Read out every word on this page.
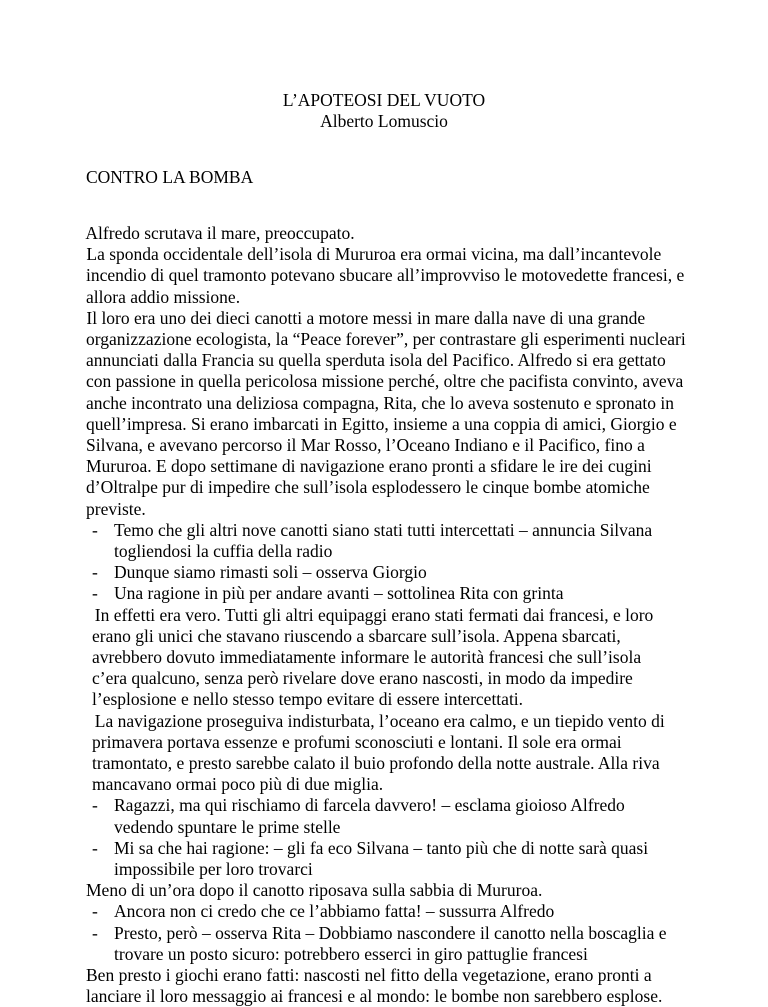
L’APOTEOSI DEL VUOTO
Alberto Lomuscio
CONTRO LA BOMBA
Alfredo scrutava il mare, preoccupato.
La sponda occidentale dell’isola di Mururoa era ormai vicina, ma dall’incantevole
incendio di quel tramonto potevano sbucare all’improvviso le motovedette francesi, e
allora addio missione.
Il loro era uno dei dieci canotti a motore messi in mare dalla nave di una grande
organizzazione ecologista, la “Peace forever”, per contrastare gli esperimenti nucleari
annunciati dalla Francia su quella sperduta isola del Pacifico. Alfredo si era gettato
con passione in quella pericolosa missione perché, oltre che pacifista convinto, aveva
anche incontrato una deliziosa compagna, Rita, che lo aveva sostenuto e spronato in
quell’impresa. Si erano imbarcati in Egitto, insieme a una coppia di amici, Giorgio e
Silvana, e avevano percorso il Mar Rosso, l’Oceano Indiano e il Pacifico, fino a
Mururoa. E dopo settimane di navigazione erano pronti a sfidare le ire dei cugini
d’Oltralpe pur di impedire che sull’isola esplodessero le cinque bombe atomiche
previste.
- Temo che gli altri nove canotti siano stati tutti intercettati – annuncia Silvana
togliendosi la cuffia della radio
- Dunque siamo rimasti soli – osserva Giorgio
- Una ragione in più per andare avanti – sottolinea Rita con grinta
In effetti era vero. Tutti gli altri equipaggi erano stati fermati dai francesi, e loro
erano gli unici che stavano riuscendo a sbarcare sull’isola. Appena sbarcati,
avrebbero dovuto immediatamente informare le autorità francesi che sull’isola
c’era qualcuno, senza però rivelare dove erano nascosti, in modo da impedire
l’esplosione e nello stesso tempo evitare di essere intercettati.
La navigazione proseguiva indisturbata, l’oceano era calmo, e un tiepido vento di
primavera portava essenze e profumi sconosciuti e lontani. Il sole era ormai
tramontato, e presto sarebbe calato il buio profondo della notte australe. Alla riva
mancavano ormai poco più di due miglia.
- Ragazzi, ma qui rischiamo di farcela davvero! – esclama gioioso Alfredo
vedendo spuntare le prime stelle
- Mi sa che hai ragione: – gli fa eco Silvana – tanto più che di notte sarà quasi
impossibile per loro trovarci
Meno di un’ora dopo il canotto riposava sulla sabbia di Mururoa.
- Ancora non ci credo che ce l’abbiamo fatta! – sussurra Alfredo
- Presto, però – osserva Rita – Dobbiamo nascondere il canotto nella boscaglia e
trovare un posto sicuro: potrebbero esserci in giro pattuglie francesi
Ben presto i giochi erano fatti: nascosti nel fitto della vegetazione, erano pronti a
lanciare il loro messaggio ai francesi e al mondo: le bombe non sarebbero esplose.
